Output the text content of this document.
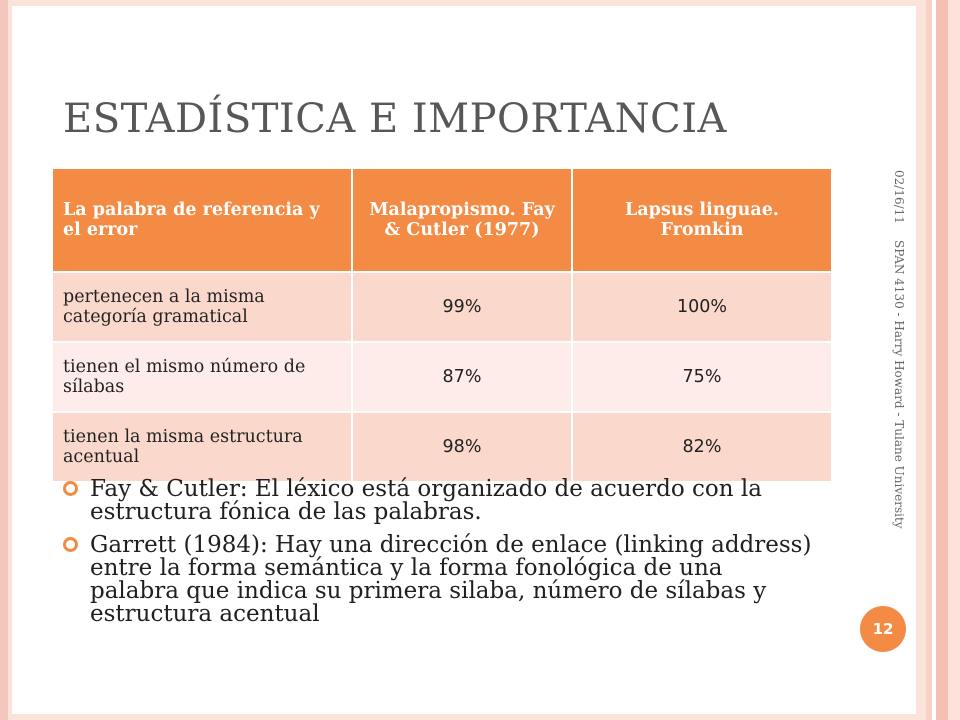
ESTADÍSTICA E IMPORTANCIA
La palabra de referencia y el error	Malapropismo. Fay & Cutler (1977)	Lapsus linguae. Fromkin
pertenecen a la misma categoría gramatical	99%	100%
tienen el mismo número de sílabas	87%	75%
tienen la misma estructura acentual	98%	82%
Fay & Cutler: El léxico está organizado de acuerdo con la estructura fónica de las palabras.
Garrett (1984): Hay una dirección de enlace (linking address) entre la forma semántica y la forma fonológica de una palabra que indica su primera silaba, número de sílabas y estructura acentual
02/16/11
SPAN 4130 - Harry Howard - Tulane University
12
